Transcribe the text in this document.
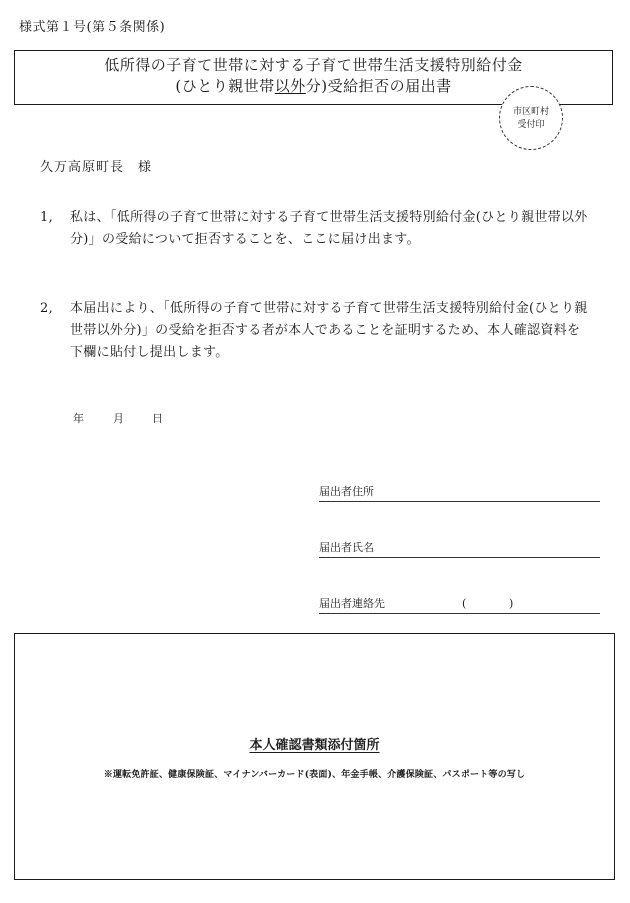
様式第１号(第５条関係)
低所得の子育て世帯に対する子育て世帯生活支援特別給付金
(ひとり親世帯以外分)受給拒否の届出書
市区町村
受付印
久万高原町長　様
1, 私は、「低所得の子育て世帯に対する子育て世帯生活支援特別給付金(ひとり親世帯以外分)」の受給について拒否することを、ここに届け出ます。
2, 本届出により、「低所得の子育て世帯に対する子育て世帯生活支援特別給付金(ひとり親世帯以外分)」の受給を拒否する者が本人であることを証明するため、本人確認資料を下欄に貼付し提出します。
年	月	日
届出者住所
届出者氏名
届出者連絡先	(	)
本人確認書類添付箇所
※運転免許証、健康保険証、マイナンバーカード(表面)、年金手帳、介護保険証、パスポート等の写し
